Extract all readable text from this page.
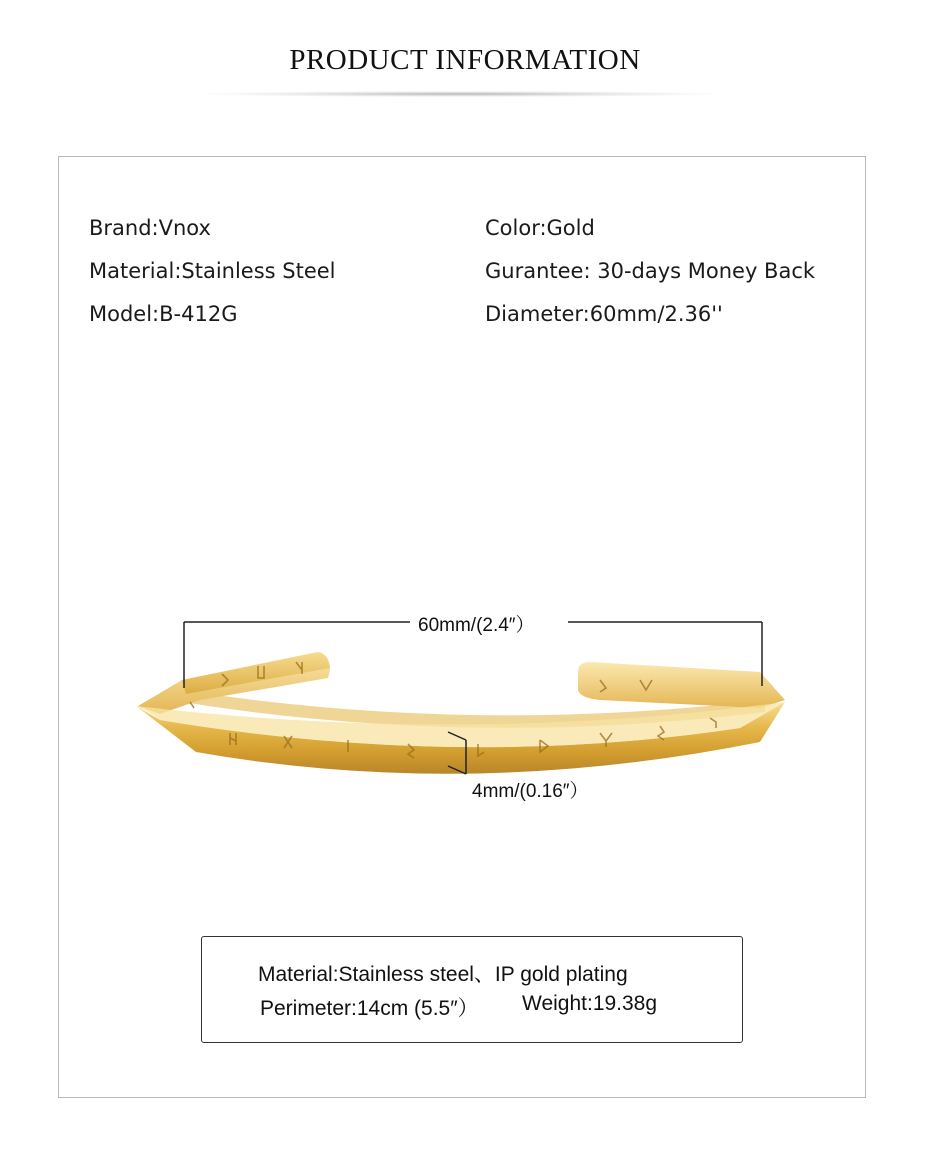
PRODUCT INFORMATION
Brand:Vnox
Material:Stainless Steel
Model:B-412G
Color:Gold
Gurantee: 30-days Money Back
Diameter:60mm/2.36''
60mm/(2.4″）
4mm/(0.16″）
Material:Stainless steel、IP gold plating
Perimeter:14cm (5.5″） Weight:19.38g
